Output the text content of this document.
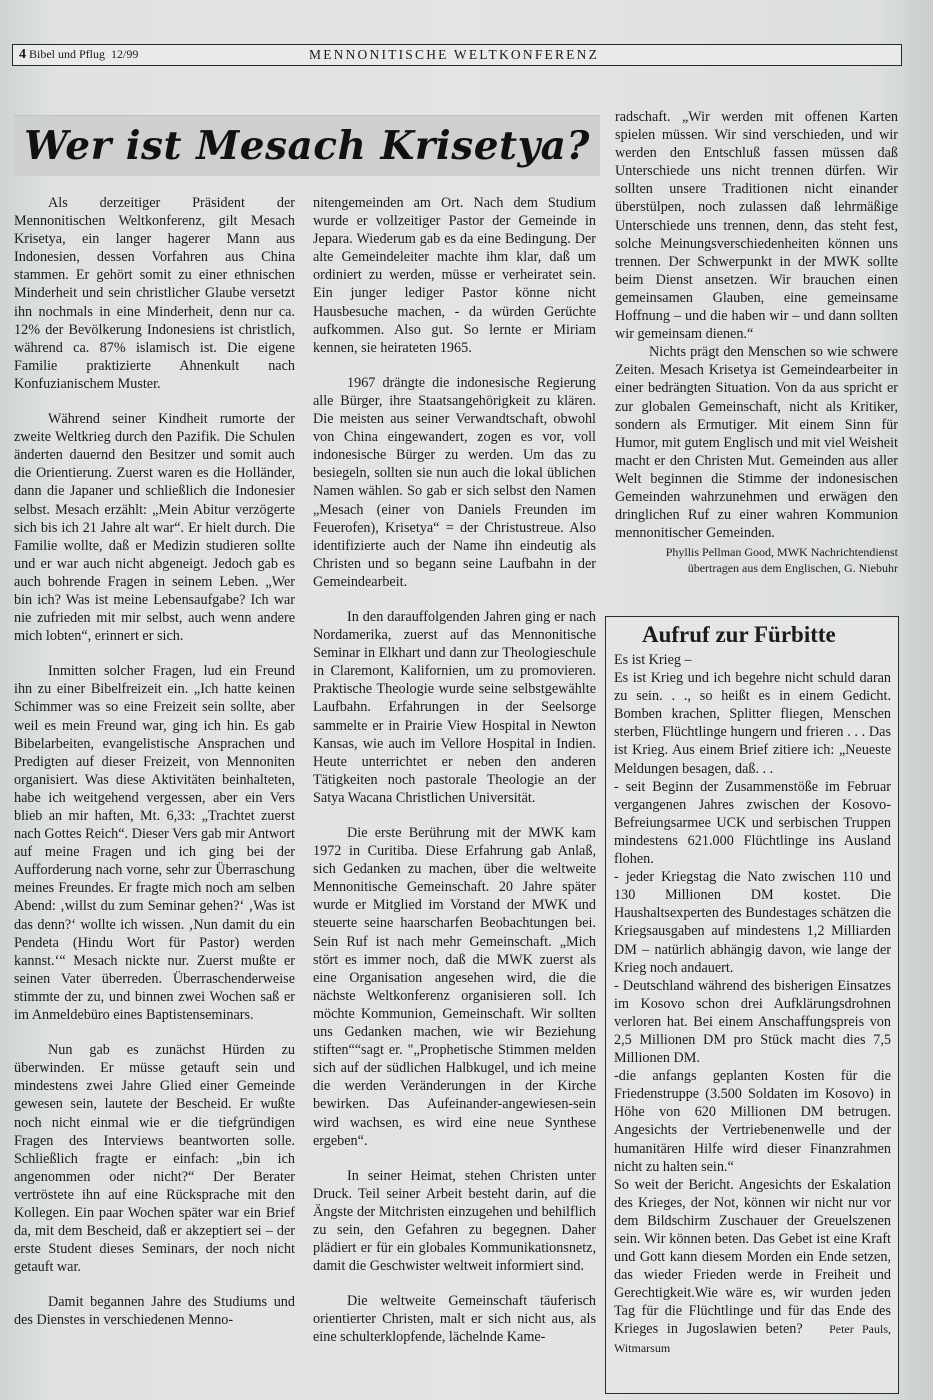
4 Bibel und Pflug 12/99	MENNONITISCHE WELTKONFERENZ
Wer ist Mesach Krisetya?

Als derzeitiger Präsident der Mennonitischen Weltkonferenz, gilt Mesach Krisetya, ein langer hagerer Mann aus Indonesien, dessen Vorfahren aus China stammen. Er gehört somit zu einer ethnischen Minderheit und sein christlicher Glaube versetzt ihn nochmals in eine Minderheit, denn nur ca. 12% der Bevölkerung Indonesiens ist christlich, während ca. 87% islamisch ist. Die eigene Familie praktizierte Ahnenkult nach Konfuzianischem Muster.

Während seiner Kindheit rumorte der zweite Weltkrieg durch den Pazifik. Die Schulen änderten dauernd den Besitzer und somit auch die Orientierung. Zuerst waren es die Holländer, dann die Japaner und schließlich die Indonesier selbst. Mesach erzählt: „Mein Abitur verzögerte sich bis ich 21 Jahre alt war“. Er hielt durch. Die Familie wollte, daß er Medizin studieren sollte und er war auch nicht abgeneigt. Jedoch gab es auch bohrende Fragen in seinem Leben. „Wer bin ich? Was ist meine Lebensaufgabe? Ich war nie zufrieden mit mir selbst, auch wenn andere mich lobten“, erinnert er sich.

Inmitten solcher Fragen, lud ein Freund ihn zu einer Bibelfreizeit ein. „Ich hatte keinen Schimmer was so eine Freizeit sein sollte, aber weil es mein Freund war, ging ich hin. Es gab Bibelarbeiten, evangelistische Ansprachen und Predigten auf dieser Freizeit, von Mennoniten organisiert. Was diese Aktivitäten beinhalteten, habe ich weitgehend vergessen, aber ein Vers blieb an mir haften, Mt. 6,33: „Trachtet zuerst nach Gottes Reich“. Dieser Vers gab mir Antwort auf meine Fragen und ich ging bei der Aufforderung nach vorne, sehr zur Überraschung meines Freundes. Er fragte mich noch am selben Abend: ‚willst du zum Seminar gehen?‘ ‚Was ist das denn?‘ wollte ich wissen. ‚Nun damit du ein Pendeta (Hindu Wort für Pastor) werden kannst.‘“ Mesach nickte nur. Zuerst mußte er seinen Vater überreden. Überraschenderweise stimmte der zu, und binnen zwei Wochen saß er im Anmeldebüro eines Baptistenseminars.

Nun gab es zunächst Hürden zu überwinden. Er müsse getauft sein und mindestens zwei Jahre Glied einer Gemeinde gewesen sein, lautete der Bescheid. Er wußte noch nicht einmal wie er die tiefgründigen Fragen des Interviews beantworten solle. Schließlich fragte er einfach: „bin ich angenommen oder nicht?“ Der Berater vertröstete ihn auf eine Rücksprache mit den Kollegen. Ein paar Wochen später war ein Brief da, mit dem Bescheid, daß er akzeptiert sei – der erste Student dieses Seminars, der noch nicht getauft war.

Damit begannen Jahre des Studiums und des Dienstes in verschiedenen Menno-

nitengemeinden am Ort. Nach dem Studium wurde er vollzeitiger Pastor der Gemeinde in Jepara. Wiederum gab es da eine Bedingung. Der alte Gemeindeleiter machte ihm klar, daß um ordiniert zu werden, müsse er verheiratet sein. Ein junger lediger Pastor könne nicht Hausbesuche machen, - da würden Gerüchte aufkommen. Also gut. So lernte er Miriam kennen, sie heirateten 1965.

1967 drängte die indonesische Regierung alle Bürger, ihre Staatsangehörigkeit zu klären. Die meisten aus seiner Verwandtschaft, obwohl von China eingewandert, zogen es vor, voll indonesische Bürger zu werden. Um das zu besiegeln, sollten sie nun auch die lokal üblichen Namen wählen. So gab er sich selbst den Namen „Mesach (einer von Daniels Freunden im Feuerofen), Krisetya“ = der Christustreue. Also identifizierte auch der Name ihn eindeutig als Christen und so begann seine Laufbahn in der Gemeindearbeit.

In den darauffolgenden Jahren ging er nach Nordamerika, zuerst auf das Mennonitische Seminar in Elkhart und dann zur Theologieschule in Claremont, Kalifornien, um zu promovieren. Praktische Theologie wurde seine selbstgewählte Laufbahn. Erfahrungen in der Seelsorge sammelte er in Prairie View Hospital in Newton Kansas, wie auch im Vellore Hospital in Indien. Heute unterrichtet er neben den anderen Tätigkeiten noch pastorale Theologie an der Satya Wacana Christlichen Universität.

Die erste Berührung mit der MWK kam 1972 in Curitiba. Diese Erfahrung gab Anlaß, sich Gedanken zu machen, über die weltweite Mennonitische Gemeinschaft. 20 Jahre später wurde er Mitglied im Vorstand der MWK und steuerte seine haarscharfen Beobachtungen bei. Sein Ruf ist nach mehr Gemeinschaft. „Mich stört es immer noch, daß die MWK zuerst als eine Organisation angesehen wird, die die nächste Weltkonferenz organisieren soll. Ich möchte Kommunion, Gemeinschaft. Wir sollten uns Gedanken machen, wie wir Beziehung stiften““sagt er. "„Prophetische Stimmen melden sich auf der südlichen Halbkugel, und ich meine die werden Veränderungen in der Kirche bewirken. Das Aufeinander-angewiesen-sein wird wachsen, es wird eine neue Synthese ergeben“.

In seiner Heimat, stehen Christen unter Druck. Teil seiner Arbeit besteht darin, auf die Ängste der Mitchristen einzugehen und behilflich zu sein, den Gefahren zu begegnen. Daher plädiert er für ein globales Kommunikationsnetz, damit die Geschwister weltweit informiert sind.

Die weltweite Gemeinschaft täuferisch orientierter Christen, malt er sich nicht aus, als eine schulterklopfende, lächelnde Kame-

radschaft. „Wir werden mit offenen Karten spielen müssen. Wir sind verschieden, und wir werden den Entschluß fassen müssen daß Unterschiede uns nicht trennen dürfen. Wir sollten unsere Traditionen nicht einander überstülpen, noch zulassen daß lehrmäßige Unterschiede uns trennen, denn, das steht fest, solche Meinungsverschiedenheiten können uns trennen. Der Schwerpunkt in der MWK sollte beim Dienst ansetzen. Wir brauchen einen gemeinsamen Glauben, eine gemeinsame Hoffnung – und die haben wir – und dann sollten wir gemeinsam dienen.“

Nichts prägt den Menschen so wie schwere Zeiten. Mesach Krisetya ist Gemeindearbeiter in einer bedrängten Situation. Von da aus spricht er zur globalen Gemeinschaft, nicht als Kritiker, sondern als Ermutiger. Mit einem Sinn für Humor, mit gutem Englisch und mit viel Weisheit macht er den Christen Mut. Gemeinden aus aller Welt beginnen die Stimme der indonesischen Gemeinden wahrzunehmen und erwägen den dringlichen Ruf zu einer wahren Kommunion mennonitischer Gemeinden.

Phyllis Pellman Good, MWK Nachrichtendienst
übertragen aus dem Englischen, G. Niebuhr
Aufruf zur Fürbitte

Es ist Krieg –

Es ist Krieg und ich begehre nicht schuld daran zu sein. . ., so heißt es in einem Gedicht. Bomben krachen, Splitter fliegen, Menschen sterben, Flüchtlinge hungern und frieren . . . Das ist Krieg. Aus einem Brief zitiere ich: „Neueste Meldungen besagen, daß. . .

- seit Beginn der Zusammenstöße im Februar vergangenen Jahres zwischen der Kosovo-Befreiungsarmee UCK und serbischen Truppen mindestens 621.000 Flüchtlinge ins Ausland flohen.

- jeder Kriegstag die Nato zwischen 110 und 130 Millionen DM kostet. Die Haushaltsexperten des Bundestages schätzen die Kriegsausgaben auf mindestens 1,2 Milliarden DM – natürlich abhängig davon, wie lange der Krieg noch andauert.

- Deutschland während des bisherigen Einsatzes im Kosovo schon drei Aufklärungsdrohnen verloren hat. Bei einem Anschaffungspreis von 2,5 Millionen DM pro Stück macht dies 7,5 Millionen DM.

-die anfangs geplanten Kosten für die Friedenstruppe (3.500 Soldaten im Kosovo) in Höhe von 620 Millionen DM betrugen. Angesichts der Vertriebenenwelle und der humanitären Hilfe wird dieser Finanzrahmen nicht zu halten sein.“

So weit der Bericht. Angesichts der Eskalation des Krieges, der Not, können wir nicht nur vor dem Bildschirm Zuschauer der Greuelszenen sein. Wir können beten. Das Gebet ist eine Kraft und Gott kann diesem Morden ein Ende setzen, das wieder Frieden werde in Freiheit und Gerechtigkeit.Wie wäre es, wir wurden jeden Tag für die Flüchtlinge und für das Ende des Krieges in Jugoslawien beten? Peter Pauls, Witmarsum
